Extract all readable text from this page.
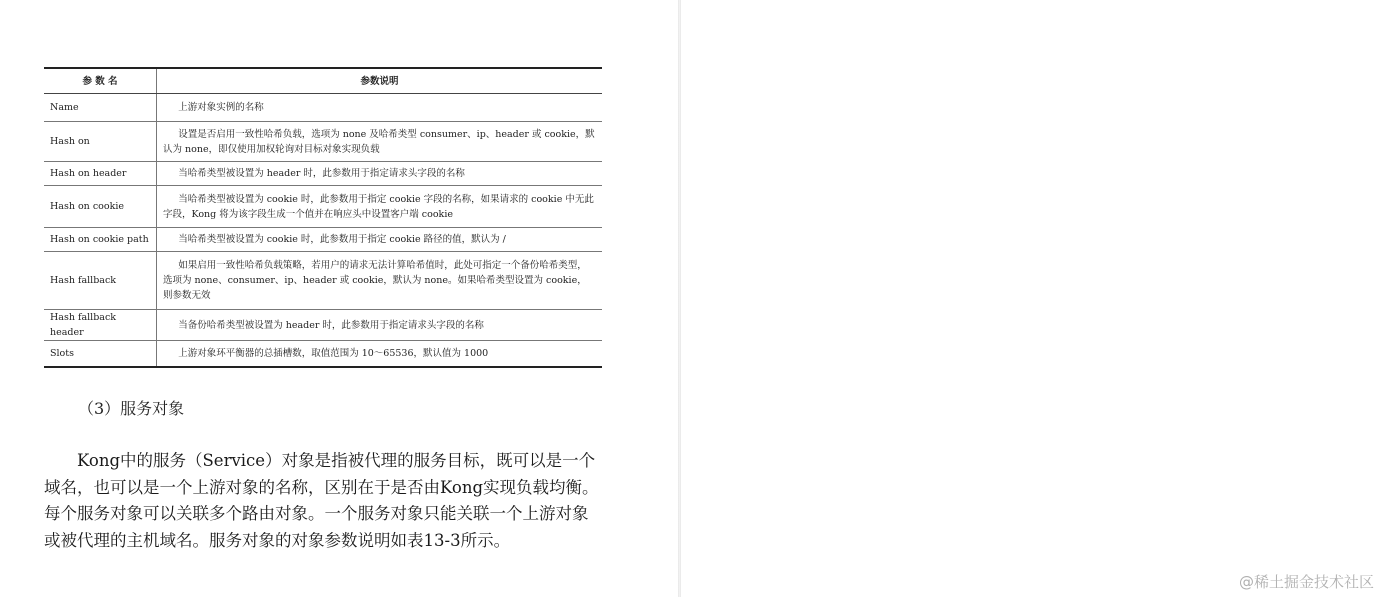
参 数 名	参数说明
Name	上游对象实例的名称
Hash on	设置是否启用一致性哈希负载，选项为 none 及哈希类型 consumer、ip、header 或 cookie，默认为 none，即仅使用加权轮询对目标对象实现负载
Hash on header	当哈希类型被设置为 header 时，此参数用于指定请求头字段的名称
Hash on cookie	当哈希类型被设置为 cookie 时，此参数用于指定 cookie 字段的名称，如果请求的 cookie 中无此字段，Kong 将为该字段生成一个值并在响应头中设置客户端 cookie
Hash on cookie path	当哈希类型被设置为 cookie 时，此参数用于指定 cookie 路径的值，默认为 /
Hash fallback	如果启用一致性哈希负载策略，若用户的请求无法计算哈希值时，此处可指定一个备份哈希类型，选项为 none、consumer、ip、header 或 cookie，默认为 none。如果哈希类型设置为 cookie，则参数无效
Hash fallback header	当备份哈希类型被设置为 header 时，此参数用于指定请求头字段的名称
Slots	上游对象环平衡器的总插槽数，取值范围为 10～65536，默认值为 1000
（3）服务对象

Kong中的服务（Service）对象是指被代理的服务目标，既可以是一个域名，也可以是一个上游对象的名称，区别在于是否由Kong实现负载均衡。每个服务对象可以关联多个路由对象。一个服务对象只能关联一个上游对象或被代理的主机域名。服务对象的对象参数说明如表13-3所示。

@稀土掘金技术社区
